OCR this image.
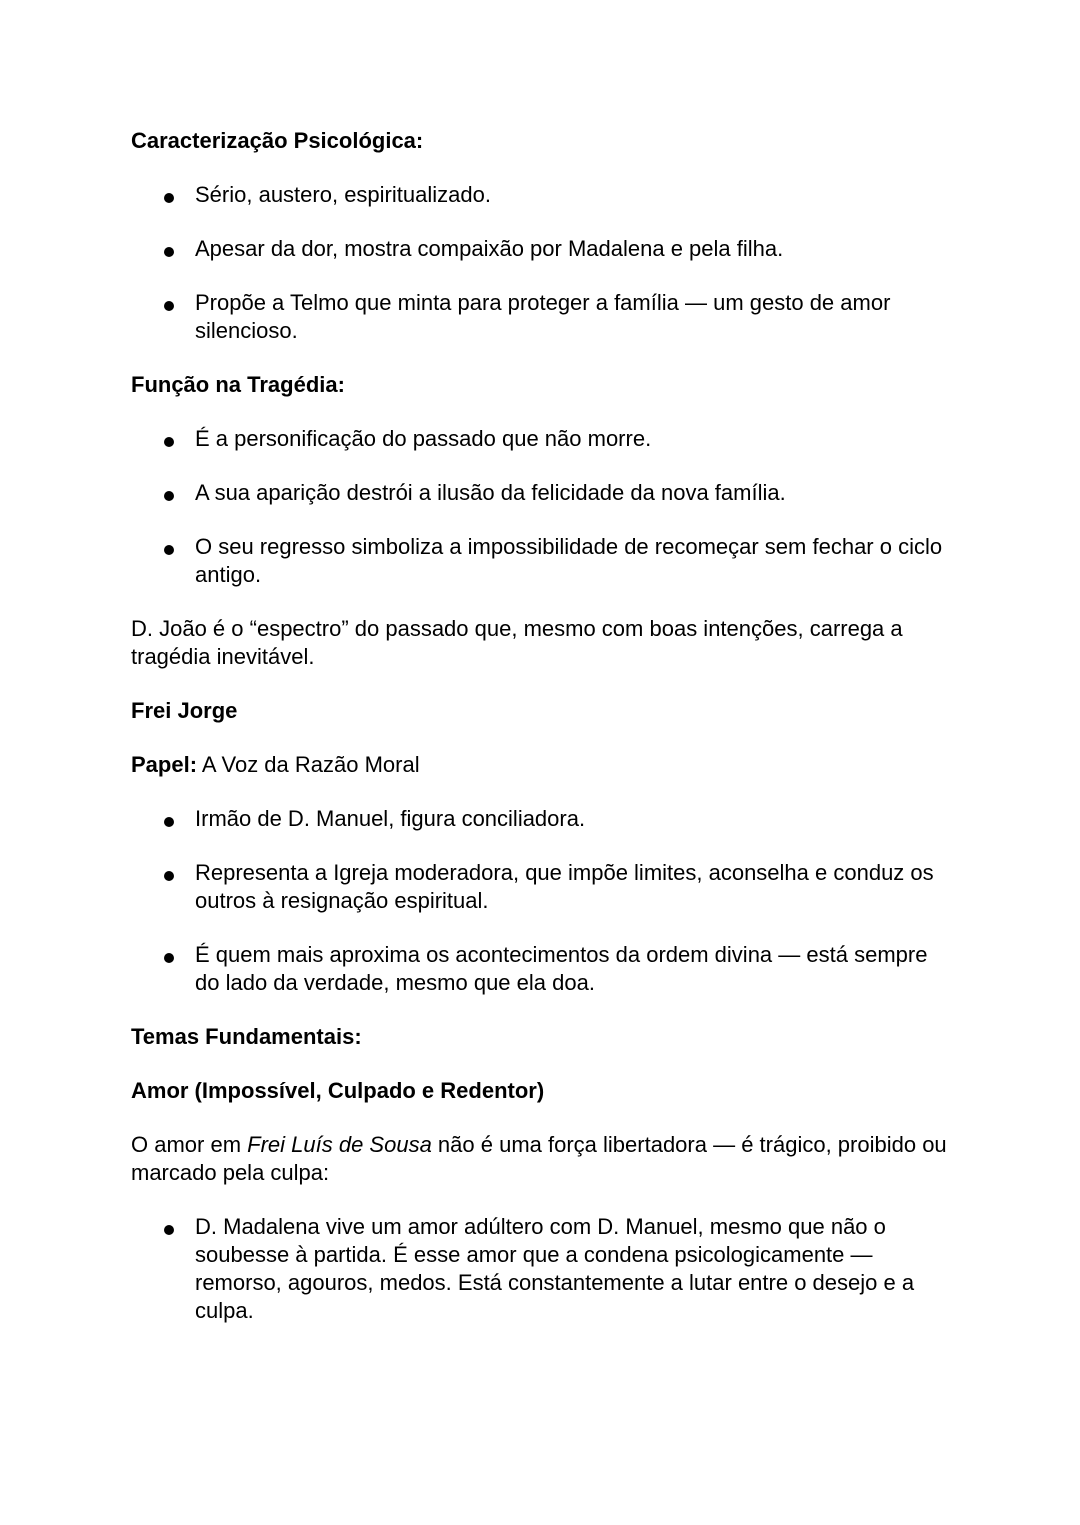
Caracterização Psicológica:

Sério, austero, espiritualizado.
Apesar da dor, mostra compaixão por Madalena e pela filha.
Propõe a Telmo que minta para proteger a família — um gesto de amor silencioso.

Função na Tragédia:

É a personificação do passado que não morre.
A sua aparição destrói a ilusão da felicidade da nova família.
O seu regresso simboliza a impossibilidade de recomeçar sem fechar o ciclo antigo.

D. João é o “espectro” do passado que, mesmo com boas intenções, carrega a tragédia inevitável.

Frei Jorge

Papel: A Voz da Razão Moral

Irmão de D. Manuel, figura conciliadora.
Representa a Igreja moderadora, que impõe limites, aconselha e conduz os outros à resignação espiritual.
É quem mais aproxima os acontecimentos da ordem divina — está sempre do lado da verdade, mesmo que ela doa.

Temas Fundamentais:

Amor (Impossível, Culpado e Redentor)

O amor em Frei Luís de Sousa não é uma força libertadora — é trágico, proibido ou marcado pela culpa:

D. Madalena vive um amor adúltero com D. Manuel, mesmo que não o soubesse à partida. É esse amor que a condena psicologicamente — remorso, agouros, medos. Está constantemente a lutar entre o desejo e a culpa.
